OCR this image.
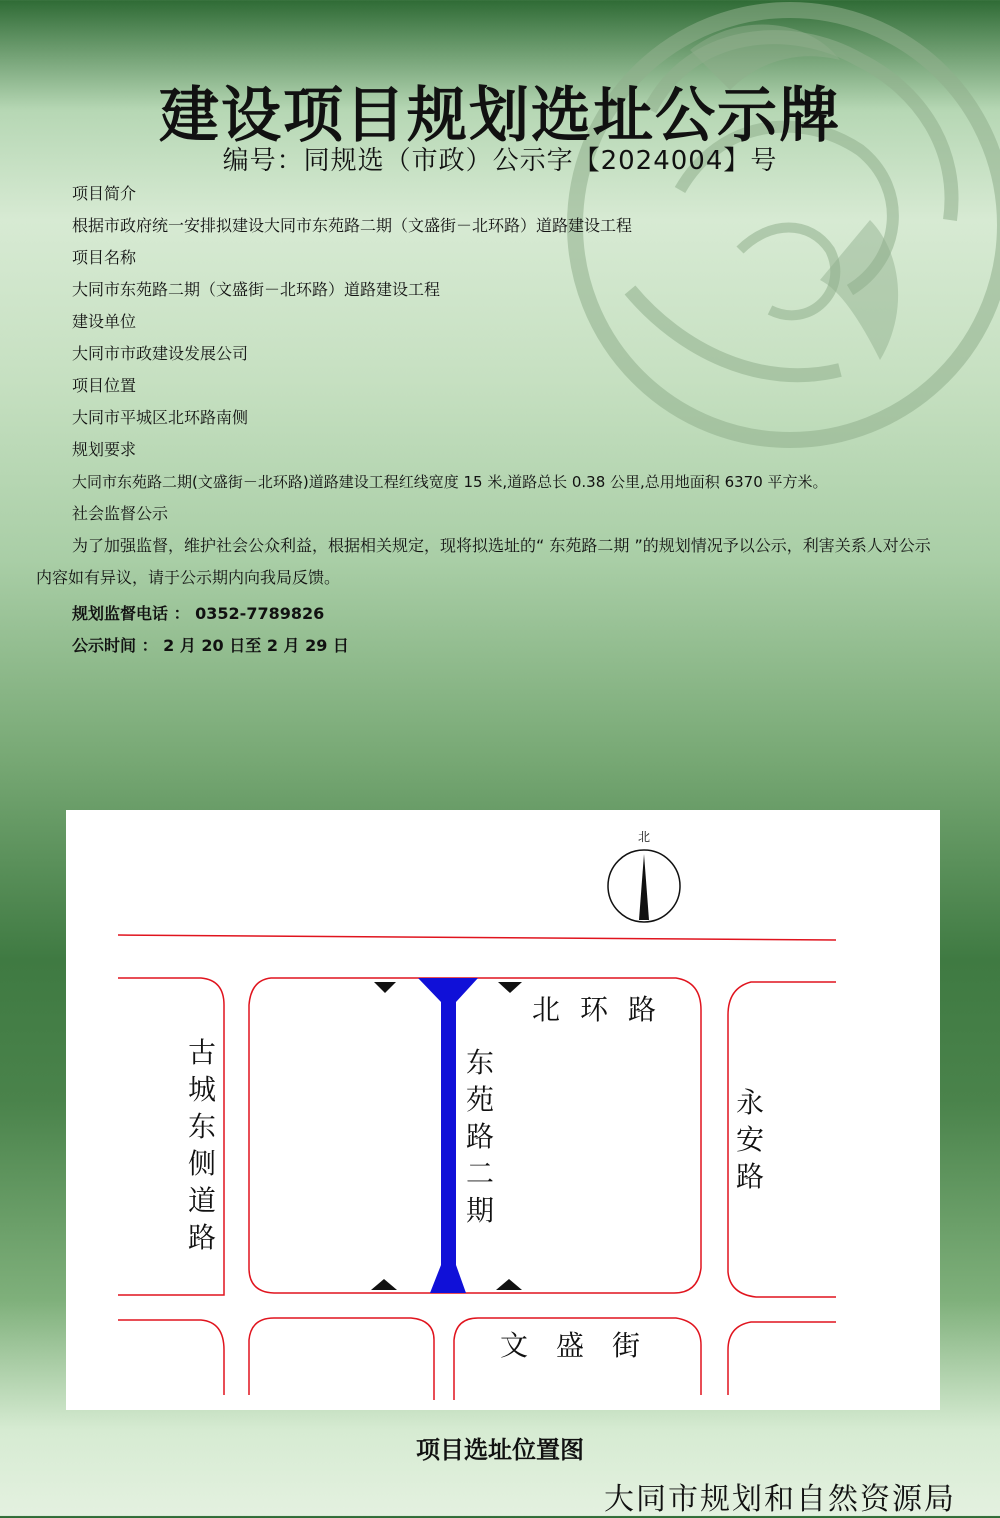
建设项目规划选址公示牌
编号：同规选（市政）公示字【2024004】号
项目简介
根据市政府统一安排拟建设大同市东苑路二期（文盛街－北环路）道路建设工程
项目名称
大同市东苑路二期（文盛街－北环路）道路建设工程
建设单位
大同市市政建设发展公司
项目位置
大同市平城区北环路南侧
规划要求
大同市东苑路二期(文盛街－北环路)道路建设工程红线宽度 15 米,道路总长 0.38 公里,总用地面积 6370 平方米。
社会监督公示
为了加强监督，维护社会公众利益，根据相关规定，现将拟选址的“ 东苑路二期 ”的规划情况予以公示，利害关系人对公示内容如有异议，请于公示期内向我局反馈。
规划监督电话 ： 0352-7789826
公示时间 ： 2 月 20 日至 2 月 29 日
北
北环路
古城东侧道路
永安路
东苑路二期
文盛街
项目选址位置图
大同市规划和自然资源局
